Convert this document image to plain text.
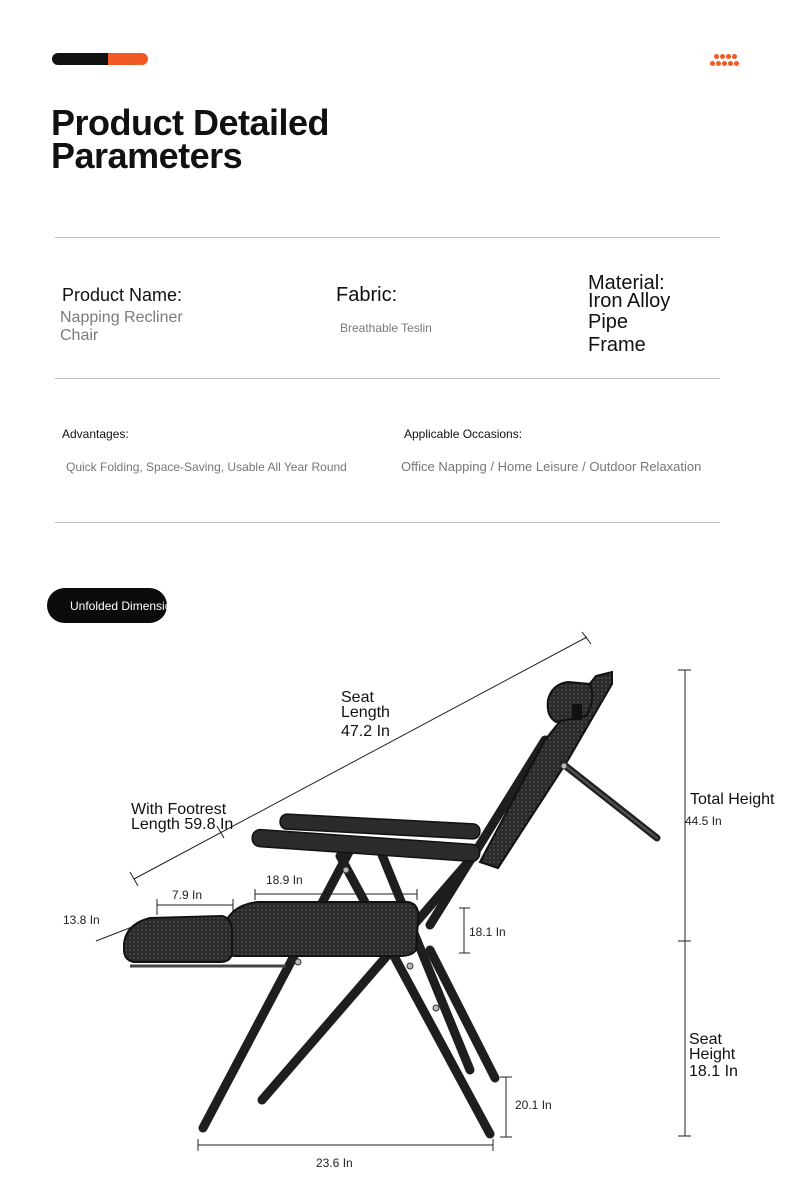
Product Detailed
Parameters
Product Name:
Napping Recliner
Chair
Fabric:
Breathable Teslin
Material:
Iron Alloy
Pipe
Frame
Advantages:
Quick Folding, Space-Saving, Usable All Year Round
Applicable Occasions:
Office Napping / Home Leisure / Outdoor Relaxation
Unfolded Dimensions
Seat
Length
47.2 In
With Footrest
Length 59.8 In
Total Height
44.5 In
7.9 In
18.9 In
13.8 In
18.1 In
Seat
Height
18.1 In
20.1 In
23.6 In
